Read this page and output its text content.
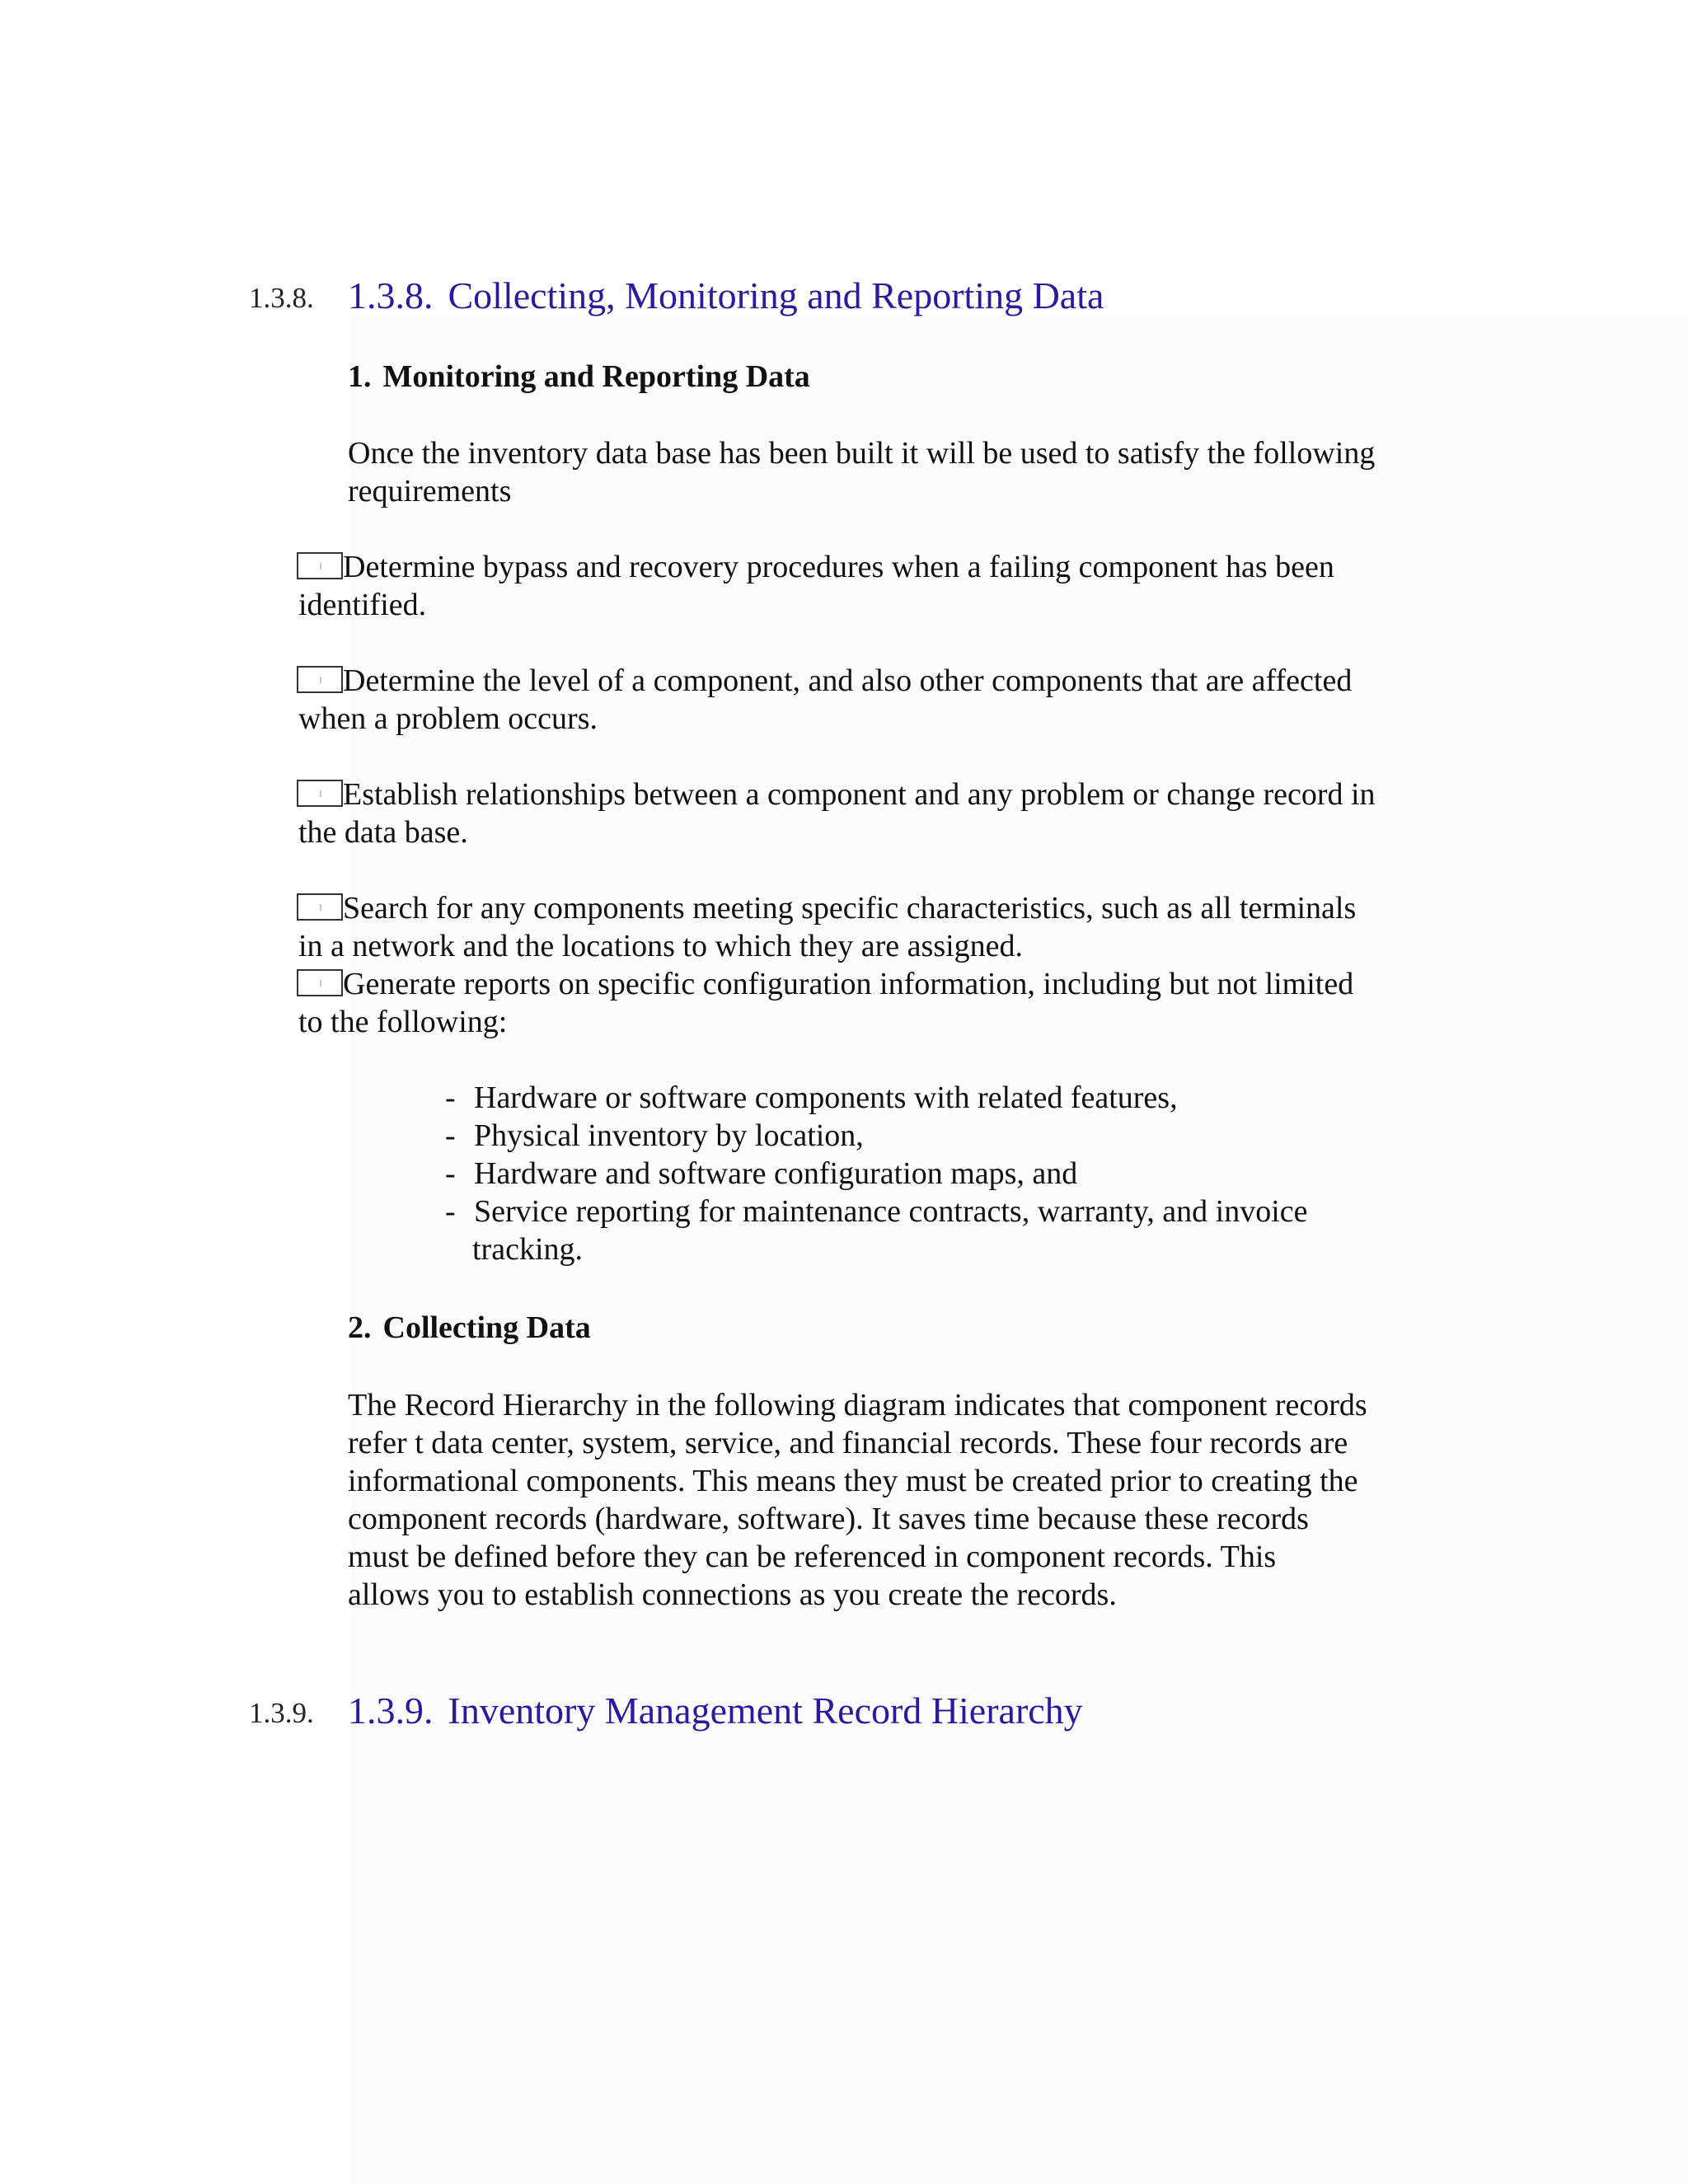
1.3.8. 1.3.8. Collecting, Monitoring and Reporting Data
1. Monitoring and Reporting Data
Once the inventory data base has been built it will be used to satisfy the following
requirements
Determine bypass and recovery procedures when a failing component has been
identified.
Determine the level of a component, and also other components that are affected
when a problem occurs.
Establish relationships between a component and any problem or change record in
the data base.
Search for any components meeting specific characteristics, such as all terminals
in a network and the locations to which they are assigned.
Generate reports on specific configuration information, including but not limited
to the following:
- Hardware or software components with related features,
- Physical inventory by location,
- Hardware and software configuration maps, and
- Service reporting for maintenance contracts, warranty, and invoice
tracking.
2. Collecting Data
The Record Hierarchy in the following diagram indicates that component records
refer t data center, system, service, and financial records. These four records are
informational components. This means they must be created prior to creating the
component records (hardware, software). It saves time because these records
must be defined before they can be referenced in component records. This
allows you to establish connections as you create the records.
1.3.9. 1.3.9. Inventory Management Record Hierarchy
